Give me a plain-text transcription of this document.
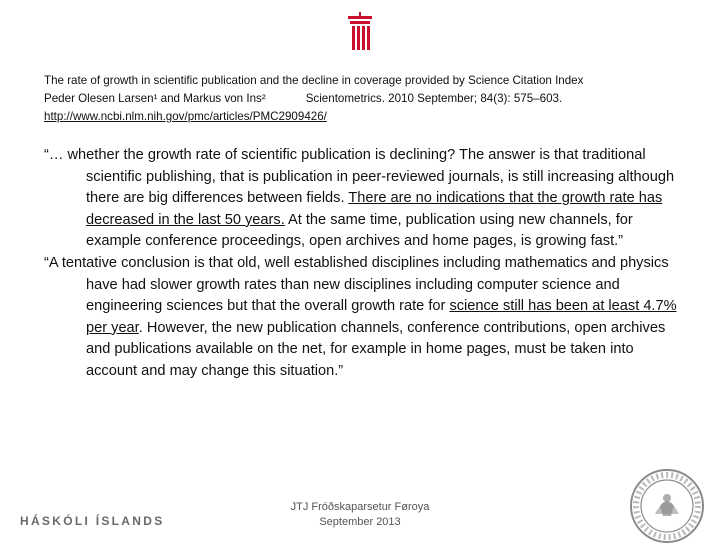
The rate of growth in scientific publication and the decline in coverage provided by Science Citation Index
Peder Olesen Larsen¹ and Markus von Ins²	Scientometrics. 2010 September; 84(3): 575–603.
http://www.ncbi.nlm.nih.gov/pmc/articles/PMC2909426/

“… whether the growth rate of scientific publication is declining? The answer is that traditional scientific publishing, that is publication in peer-reviewed journals, is still increasing although there are big differences between fields. There are no indications that the growth rate has decreased in the last 50 years. At the same time, publication using new channels, for example conference proceedings, open archives and home pages, is growing fast.”

“A tentative conclusion is that old, well established disciplines including mathematics and physics have had slower growth rates than new disciplines including computer science and engineering sciences but that the overall growth rate for science still has been at least 4.7% per year. However, the new publication channels, conference contributions, open archives and publications available on the net, for example in home pages, must be taken into account and may change this situation.”

HÁSKÓLI ÍSLANDS
JTJ Fróðskaparsetur Føroya
September 2013
